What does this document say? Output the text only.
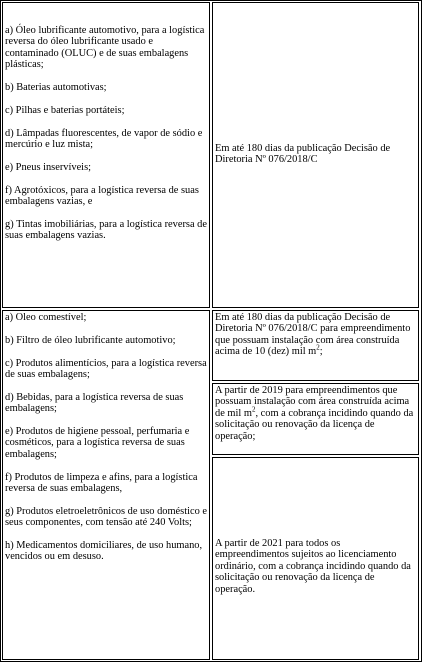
a) Óleo lubrificante automotivo, para a logística reversa do óleo lubrificante usado e contaminado (OLUC) e de suas embalagens plásticas;

b) Baterias automotivas;

c) Pilhas e baterias portáteis;

d) Lâmpadas fluorescentes, de vapor de sódio e mercúrio e luz mista;

e) Pneus inservíveis;

f) Agrotóxicos, para a logística reversa de suas embalagens vazias, e

g) Tintas imobiliárias, para a logística reversa de suas embalagens vazias.

Em até 180 dias da publicação Decisão de Diretoria Nº 076/2018/C

a) Oleo comestível;

b) Filtro de óleo lubrificante automotivo;

c) Produtos alimentícios, para a logística reversa de suas embalagens;

d) Bebidas, para a logística reversa de suas embalagens;

e) Produtos de higiene pessoal, perfumaria e cosméticos, para a logística reversa de suas embalagens;

f) Produtos de limpeza e afins, para a logística reversa de suas embalagens,

g) Produtos eletroeletrônicos de uso doméstico e seus componentes, com tensão até 240 Volts;

h) Medicamentos domiciliares, de uso humano, vencidos ou em desuso.

Em até 180 dias da publicação Decisão de Diretoria Nº 076/2018/C para empreendimento que possuam instalação com área construída acima de 10 (dez) mil $m^2$;

A partir de 2019 para empreendimentos que possuam instalação com área construída acima de mil $m^2$, com a cobrança incidindo quando da solicitação ou renovação da licença de operação;

A partir de 2021 para todos os empreendimentos sujeitos ao licenciamento ordinário, com a cobrança incidindo quando da solicitação ou renovação da licença de operação.
